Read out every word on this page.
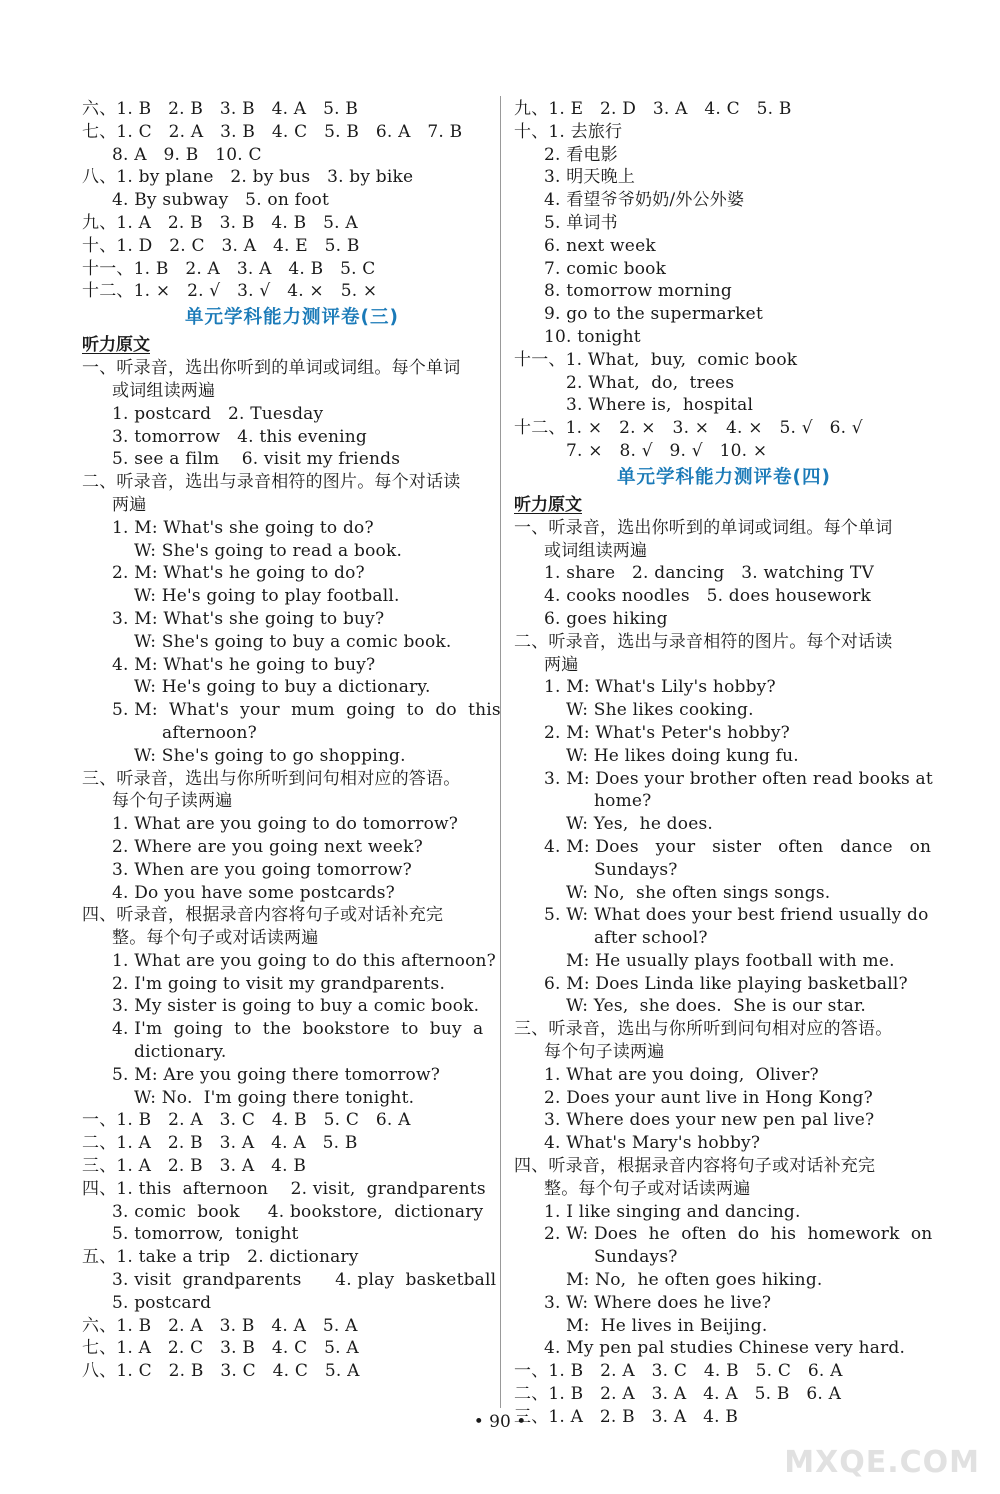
六、1. B   2. B   3. B   4. A   5. B
七、1. C   2. A   3. B   4. C   5. B   6. A   7. B
8. A   9. B   10. C
八、1. by plane   2. by bus   3. by bike
4. By subway   5. on foot
九、1. A   2. B   3. B   4. B   5. A
十、1. D   2. C   3. A   4. E   5. B
十一、1. B   2. A   3. A   4. B   5. C
十二、1. ×   2. √   3. √   4. ×   5. ×
单元学科能力测评卷(三)
听力原文
一、听录音，选出你听到的单词或词组。每个单词
或词组读两遍
1. postcard   2. Tuesday
3. tomorrow   4. this evening
5. see a film    6. visit my friends
二、听录音，选出与录音相符的图片。每个对话读
两遍
1. M: What's she going to do?
W: She's going to read a book.
2. M: What's he going to do?
W: He's going to play football.
3. M: What's she going to buy?
W: She's going to buy a comic book.
4. M: What's he going to buy?
W: He's going to buy a dictionary.
5. M:  What's  your  mum  going  to  do  this
afternoon?
W: She's going to go shopping.
三、听录音，选出与你所听到问句相对应的答语。
每个句子读两遍
1. What are you going to do tomorrow?
2. Where are you going next week?
3. When are you going tomorrow?
4. Do you have some postcards?
四、听录音，根据录音内容将句子或对话补充完
整。每个句子或对话读两遍
1. What are you going to do this afternoon?
2. I'm going to visit my grandparents.
3. My sister is going to buy a comic book.
4. I'm  going  to  the  bookstore  to  buy  a
dictionary.
5. M: Are you going there tomorrow?
W: No.  I'm going there tonight.
一、1. B   2. A   3. C   4. B   5. C   6. A
二、1. A   2. B   3. A   4. A   5. B
三、1. A   2. B   3. A   4. B
四、1. this  afternoon    2. visit,  grandparents
3. comic  book     4. bookstore,  dictionary
5. tomorrow,  tonight
五、1. take a trip   2. dictionary
3. visit  grandparents      4. play  basketball
5. postcard
六、1. B   2. A   3. B   4. A   5. A
七、1. A   2. C   3. B   4. C   5. A
八、1. C   2. B   3. C   4. C   5. A
九、1. E   2. D   3. A   4. C   5. B
十、1. 去旅行
2. 看电影
3. 明天晚上
4. 看望爷爷奶奶/外公外婆
5. 单词书
6. next week
7. comic book
8. tomorrow morning
9. go to the supermarket
10. tonight
十一、1. What,  buy,  comic book
2. What,  do,  trees
3. Where is,  hospital
十二、1. ×   2. ×   3. ×   4. ×   5. √   6. √
7. ×   8. √   9. √   10. ×
单元学科能力测评卷(四)
听力原文
一、听录音，选出你听到的单词或词组。每个单词
或词组读两遍
1. share   2. dancing   3. watching TV
4. cooks noodles   5. does housework
6. goes hiking
二、听录音，选出与录音相符的图片。每个对话读
两遍
1. M: What's Lily's hobby?
W: She likes cooking.
2. M: What's Peter's hobby?
W: He likes doing kung fu.
3. M: Does your brother often read books at
home?
W: Yes,  he does.
4. M: Does   your   sister   often   dance   on
Sundays?
W: No,  she often sings songs.
5. W: What does your best friend usually do
after school?
M: He usually plays football with me.
6. M: Does Linda like playing basketball?
W: Yes,  she does.  She is our star.
三、听录音，选出与你所听到问句相对应的答语。
每个句子读两遍
1. What are you doing,  Oliver?
2. Does your aunt live in Hong Kong?
3. Where does your new pen pal live?
4. What's Mary's hobby?
四、听录音，根据录音内容将句子或对话补充完
整。每个句子或对话读两遍
1. I like singing and dancing.
2. W: Does  he  often  do  his  homework  on
Sundays?
M: No,  he often goes hiking.
3. W: Where does he live?
M:  He lives in Beijing.
4. My pen pal studies Chinese very hard.
一、1. B   2. A   3. C   4. B   5. C   6. A
二、1. B   2. A   3. A   4. A   5. B   6. A
三、1. A   2. B   3. A   4. B
• 90 •
MXQE.COM
